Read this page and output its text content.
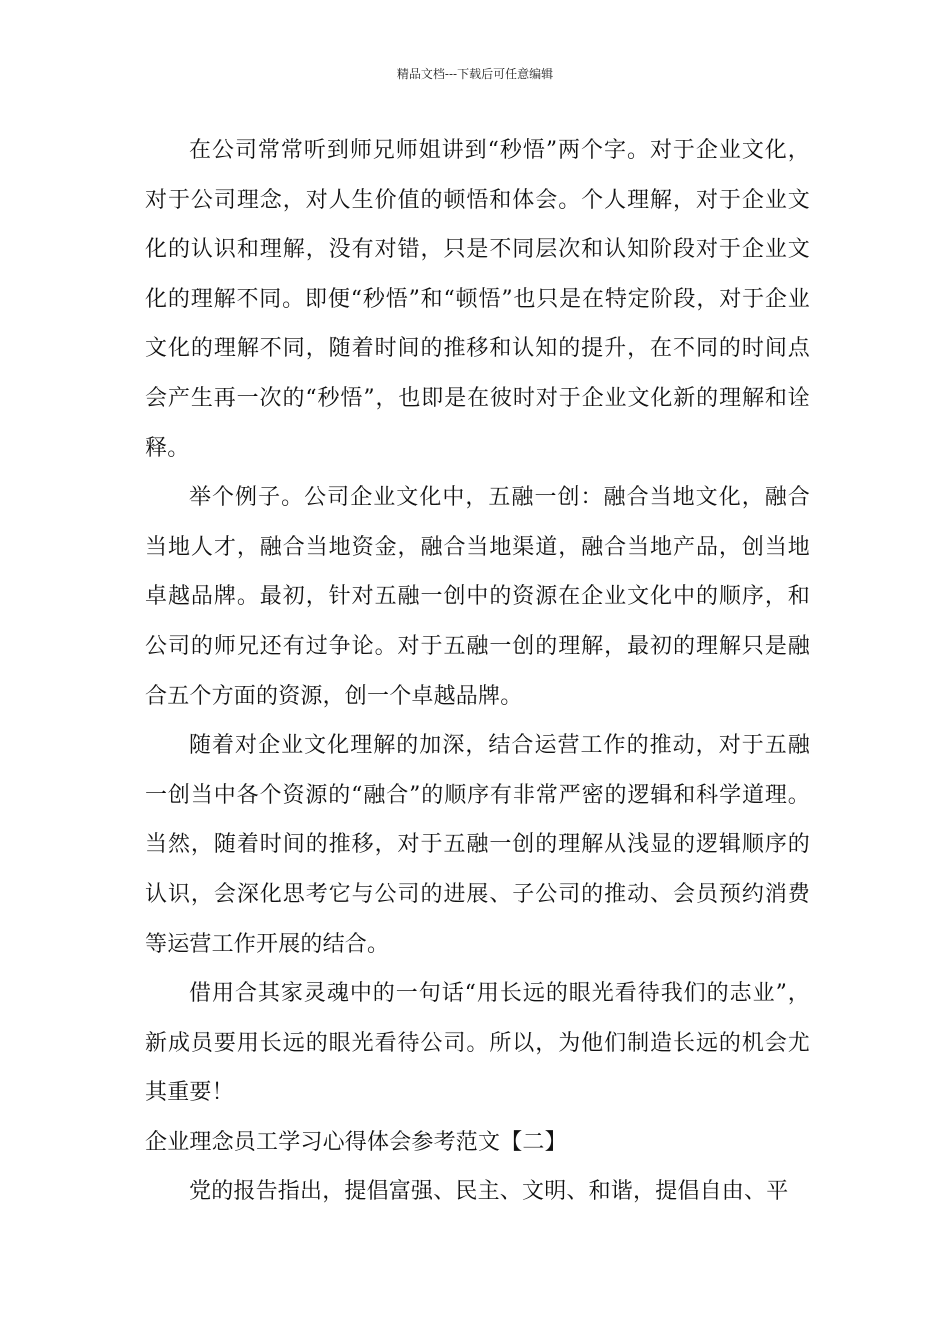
精品文档---下载后可任意编辑

在公司常常听到师兄师姐讲到“秒悟”两个字。对于企业文化，对于公司理念，对人生价值的顿悟和体会。个人理解，对于企业文化的认识和理解，没有对错，只是不同层次和认知阶段对于企业文化的理解不同。即便“秒悟”和“顿悟”也只是在特定阶段，对于企业文化的理解不同，随着时间的推移和认知的提升，在不同的时间点会产生再一次的“秒悟”，也即是在彼时对于企业文化新的理解和诠释。

举个例子。公司企业文化中，五融一创：融合当地文化，融合当地人才，融合当地资金，融合当地渠道，融合当地产品，创当地卓越品牌。最初，针对五融一创中的资源在企业文化中的顺序，和公司的师兄还有过争论。对于五融一创的理解，最初的理解只是融合五个方面的资源，创一个卓越品牌。

随着对企业文化理解的加深，结合运营工作的推动，对于五融一创当中各个资源的“融合”的顺序有非常严密的逻辑和科学道理。当然，随着时间的推移，对于五融一创的理解从浅显的逻辑顺序的认识，会深化思考它与公司的进展、子公司的推动、会员预约消费等运营工作开展的结合。

借用合其家灵魂中的一句话“用长远的眼光看待我们的志业”，新成员要用长远的眼光看待公司。所以，为他们制造长远的机会尤其重要！

企业理念员工学习心得体会参考范文【二】

党的报告指出，提倡富强、民主、文明、和谐，提倡自由、平
